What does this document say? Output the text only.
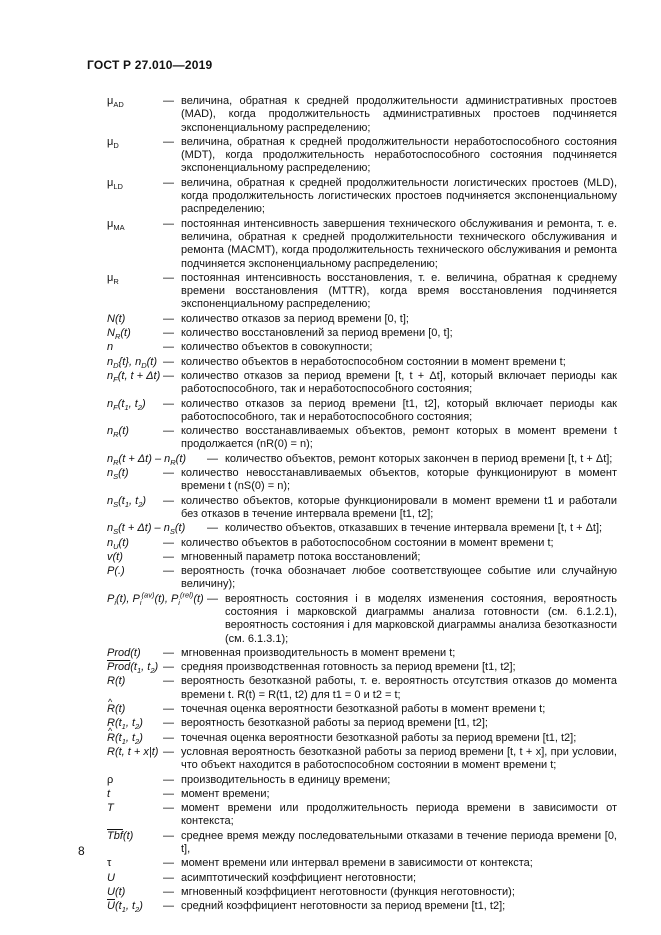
ГОСТ Р 27.010—2019
$\mu_{AD}$	— величина, обратная к средней продолжительности административных простоев (MAD), когда продолжительность административных простоев подчиняется экспоненциальному распределению;
$\mu_D$	— величина, обратная к средней продолжительности неработоспособного состояния (MDT), когда продолжительность неработоспособного состояния подчиняется экспоненциальному распределению;
$\mu_{LD}$	— величина, обратная к средней продолжительности логистических простоев (MLD), когда продолжительность логистических простоев подчиняется экспоненциальному распределению;
$\mu_{MA}$	— постоянная интенсивность завершения технического обслуживания и ремонта, т. е. величина, обратная к средней продолжительности технического обслуживания и ремонта (MACMT), когда продолжительность технического обслуживания и ремонта подчиняется экспоненциальному распределению;
$\mu_R$	— постоянная интенсивность восстановления, т. е. величина, обратная к среднему времени восстановления (MTTR), когда время восстановления подчиняется экспоненциальному распределению;
N(t)	— количество отказов за период времени [0, t];
$N_R(t)$	— количество восстановлений за период времени [0, t];
n	— количество объектов в совокупности;
$n_D\{t\}$, $n_D(t)$ — количество объектов в неработоспособном состоянии в момент времени t;
$n_F(t$, t + Δt) — количество отказов за период времени [t, t + Δt], который включает периоды как работоспособного, так и неработоспособного состояния;
$n_F(t_1$, $t_2$)	— количество отказов за период времени [t1, t2], который включает периоды как работоспособного, так и неработоспособного состояния;
$n_R(t)$	— количество восстанавливаемых объектов, ремонт которых в момент времени t продолжается (nR(0) = n);
$n_R(t + \Delta t) - n_R(t)$	— количество объектов, ремонт которых закончен в период времени [t, t + Δt];
$n_S(t)$	— количество невосстанавливаемых объектов, которые функционируют в момент времени t (nS(0) = n);
$n_S(t_1$, $t_2$)	— количество объектов, которые функционировали в момент времени t1 и работали без отказов в течение интервала времени [t1, t2];
$n_S(t + \Delta t) - n_S(t)$	— количество объектов, отказавших в течение интервала времени [t, t + Δt];
$n_U(t)$	— количество объектов в работоспособном состоянии в момент времени t;
v(t)	— мгновенный параметр потока восстановлений;
P(.)	— вероятность (точка обозначает любое соответствующее событие или случайную величину);
$P_i(t)$, $P_i^{(av)}(t)$, $P_i^{(rel)}(t)$ — вероятность состояния i в моделях изменения состояния, вероятность состояния i марковской диаграммы анализа готовности (см. 6.1.2.1), вероятность состояния i для марковской диаграммы анализа безотказности (см. 6.1.3.1);
Prod(t)	— мгновенная производительность в момент времени t;
$Prod(t_1$, $t_2$) — средняя производственная готовность за период времени [t1, t2];
R(t)	— вероятность безотказной работы, т. е. вероятность отсутствия отказов до момента времени t. R(t) = R(t1, t2) для t1 = 0 и t2 = t;
^ R(t)	— точечная оценка вероятности безотказной работы в момент времени t;
$R(t_1$, $t_2$)	— вероятность безотказной работы за период времени [t1, t2];
^ $R(t_1$, $t_2$)	— точечная оценка вероятности безотказной работы за период времени [t1, t2];
R(t, t + x|t) — условная вероятность безотказной работы за период времени [t, t + x], при условии, что объект находится в работоспособном состоянии в момент времени t;
ρ	— производительность в единицу времени;
t	— момент времени;
T	— момент времени или продолжительность периода времени в зависимости от контекста;
$\overline{Tbf}(t)$	— среднее время между последовательными отказами в течение периода времени [0, t],
τ	— момент времени или интервал времени в зависимости от контекста;
U	— асимптотический коэффициент неготовности;
U(t)	— мгновенный коэффициент неготовности (функция неготовности);
$\overline{U}(t_1$, $t_2$)	— средний коэффициент неготовности за период времени [t1, t2];
8
